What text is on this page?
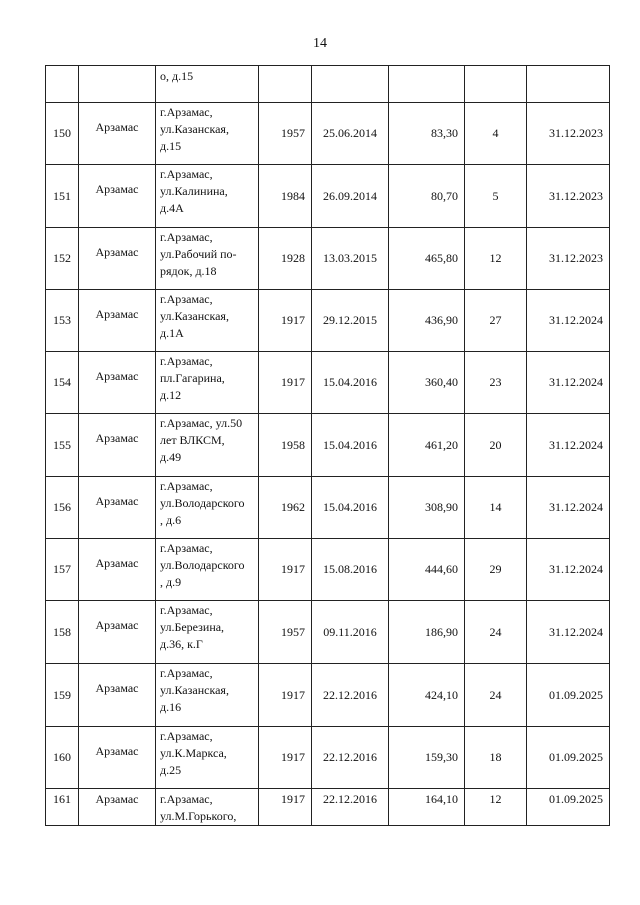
14
		о, д.15					
150	Арзамас	г.Арзамас,
ул.Казанская,
д.15	1957	25.06.2014	83,30	4	31.12.2023
151	Арзамас	г.Арзамас,
ул.Калинина,
д.4А	1984	26.09.2014	80,70	5	31.12.2023
152	Арзамас	г.Арзамас,
ул.Рабочий по-
рядок, д.18	1928	13.03.2015	465,80	12	31.12.2023
153	Арзамас	г.Арзамас,
ул.Казанская,
д.1А	1917	29.12.2015	436,90	27	31.12.2024
154	Арзамас	г.Арзамас,
пл.Гагарина,
д.12	1917	15.04.2016	360,40	23	31.12.2024
155	Арзамас	г.Арзамас, ул.50
лет ВЛКСМ,
д.49	1958	15.04.2016	461,20	20	31.12.2024
156	Арзамас	г.Арзамас,
ул.Володарского
, д.6	1962	15.04.2016	308,90	14	31.12.2024
157	Арзамас	г.Арзамас,
ул.Володарского
, д.9	1917	15.08.2016	444,60	29	31.12.2024
158	Арзамас	г.Арзамас,
ул.Березина,
д.36, к.Г	1957	09.11.2016	186,90	24	31.12.2024
159	Арзамас	г.Арзамас,
ул.Казанская,
д.16	1917	22.12.2016	424,10	24	01.09.2025
160	Арзамас	г.Арзамас,
ул.К.Маркса,
д.25	1917	22.12.2016	159,30	18	01.09.2025
161	Арзамас	г.Арзамас,
ул.М.Горького,	1917	22.12.2016	164,10	12	01.09.2025
